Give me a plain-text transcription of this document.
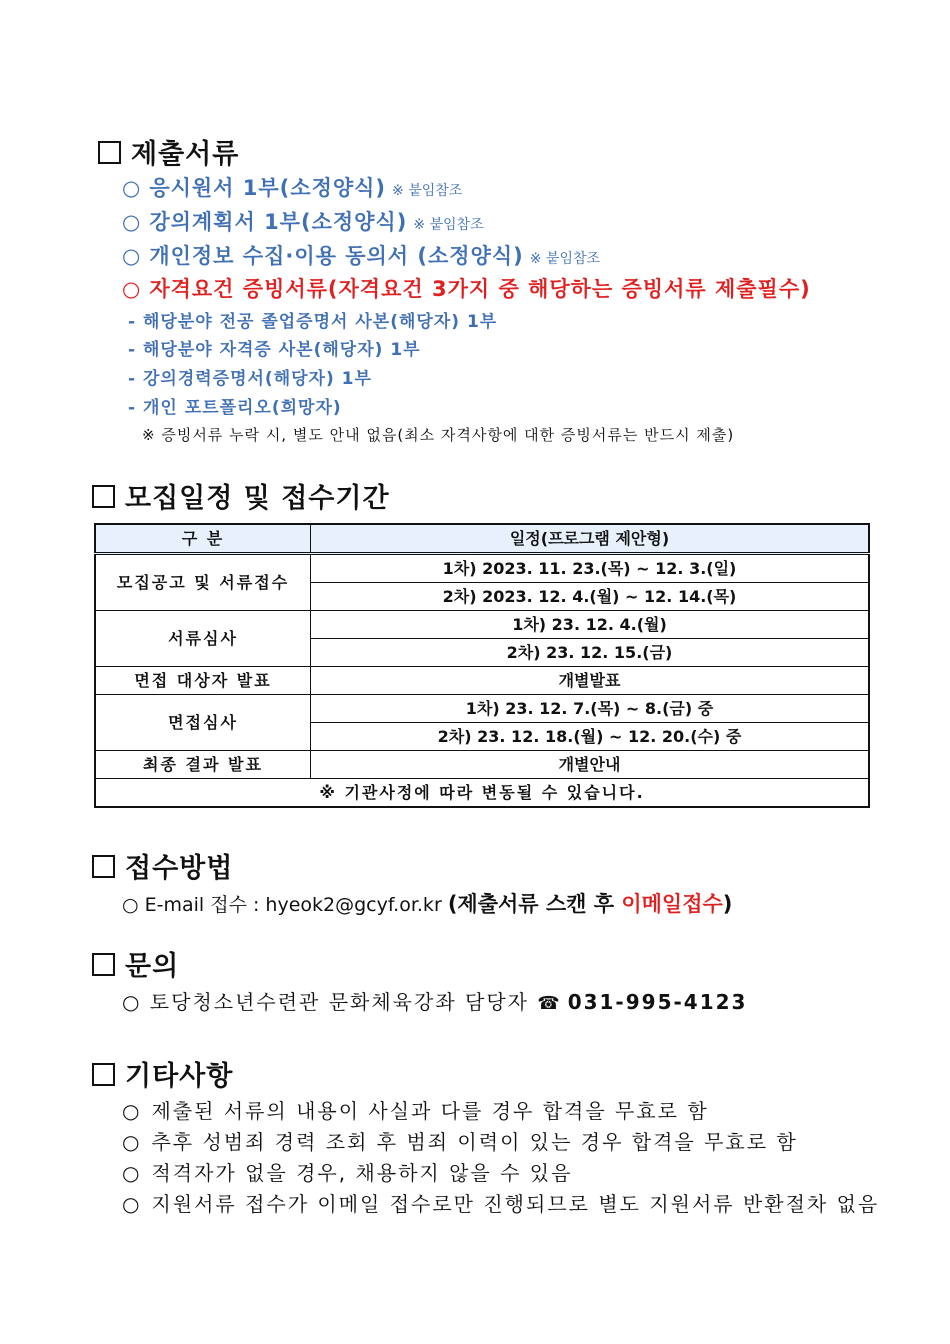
제출서류
○ 응시원서 1부(소정양식) ※ 붙임참조
○ 강의계획서 1부(소정양식) ※ 붙임참조
○ 개인정보 수집·이용 동의서 (소정양식) ※ 붙임참조
○ 자격요건 증빙서류(자격요건 3가지 중 해당하는 증빙서류 제출필수)
- 해당분야 전공 졸업증명서 사본(해당자) 1부
- 해당분야 자격증 사본(해당자) 1부
- 강의경력증명서(해당자) 1부
- 개인 포트폴리오(희망자)
※ 증빙서류 누락 시, 별도 안내 없음(최소 자격사항에 대한 증빙서류는 반드시 제출)
모집일정 및 접수기간
구 분	일정(프로그램 제안형)
모집공고 및 서류접수	1차) 2023. 11. 23.(목) ~ 12. 3.(일)
	2차) 2023. 12. 4.(월) ~ 12. 14.(목)
서류심사	1차) 23. 12. 4.(월)
	2차) 23. 12. 15.(금)
면접 대상자 발표	개별발표
면접심사	1차) 23. 12. 7.(목) ~ 8.(금) 중
	2차) 23. 12. 18.(월) ~ 12. 20.(수) 중
최종 결과 발표	개별안내
※ 기관사정에 따라 변동될 수 있습니다.	
접수방법
○ E-mail 접수 : hyeok2@gcyf.or.kr (제출서류 스캔 후 이메일접수)
문의
○ 토당청소년수련관 문화체육강좌 담당자 ☎ 031-995-4123
기타사항
○ 제출된 서류의 내용이 사실과 다를 경우 합격을 무효로 함
○ 추후 성범죄 경력 조회 후 범죄 이력이 있는 경우 합격을 무효로 함
○ 적격자가 없을 경우, 채용하지 않을 수 있음
○ 지원서류 접수가 이메일 접수로만 진행되므로 별도 지원서류 반환절차 없음
